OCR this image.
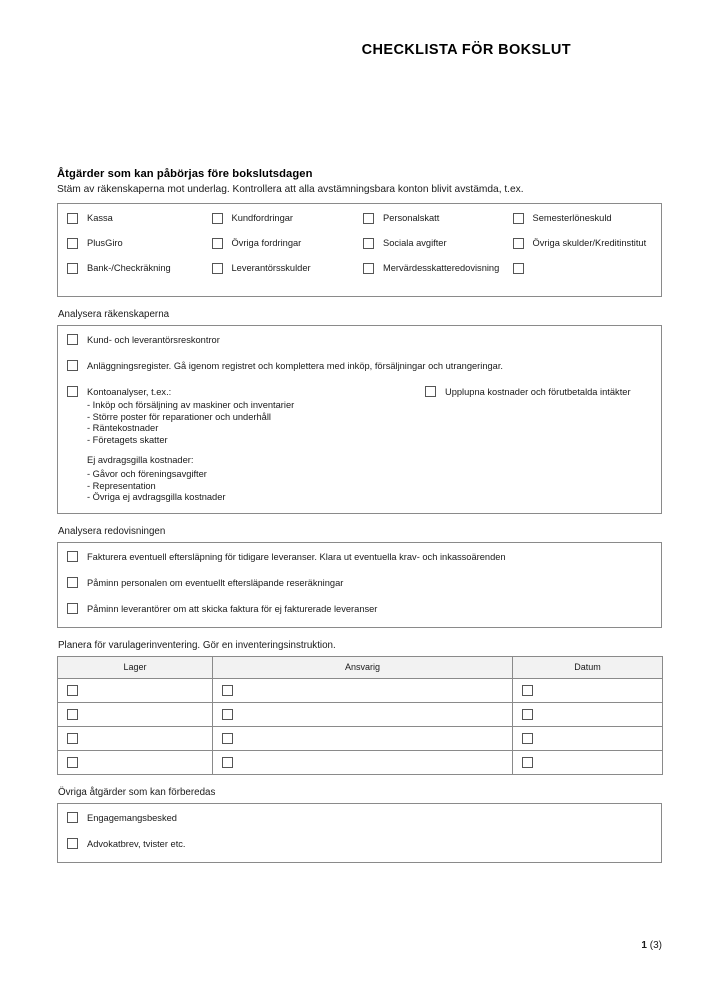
CHECKLISTA FÖR BOKSLUT
Åtgärder som kan påbörjas före bokslutsdagen
Stäm av räkenskaperna mot underlag. Kontrollera att alla avstämningsbara konton blivit avstämda, t.ex.
Kassa	Kundfordringar	Personalskatt	Semesterlöneskuld
PlusGiro	Övriga fordringar	Sociala avgifter	Övriga skulder/Kreditinstitut
Bank-/Checkräkning	Leverantörsskulder	Mervärdesskatteredovisning
Analysera räkenskaperna
Kund- och leverantörsreskontror
Anläggningsregister. Gå igenom registret och komplettera med inköp, försäljningar och utrangeringar.
Kontoanalyser, t.ex.:
- Inköp och försäljning av maskiner och inventarier
- Större poster för reparationer och underhåll
- Räntekostnader
- Företagets skatter
Ej avdragsgilla kostnader:
- Gåvor och föreningsavgifter
- Representation
- Övriga ej avdragsgilla kostnader
Upplupna kostnader och förutbetalda intäkter
Analysera redovisningen
Fakturera eventuell eftersläpning för tidigare leveranser. Klara ut eventuella krav- och inkassoärenden
Påminn personalen om eventuellt eftersläpande reseräkningar
Påminn leverantörer om att skicka faktura för ej fakturerade leveranser
Planera för varulagerinventering. Gör en inventeringsinstruktion.
Lager	Ansvarig	Datum

Övriga åtgärder som kan förberedas
Engagemangsbesked
Advokatbrev, tvister etc.
1 (3)
